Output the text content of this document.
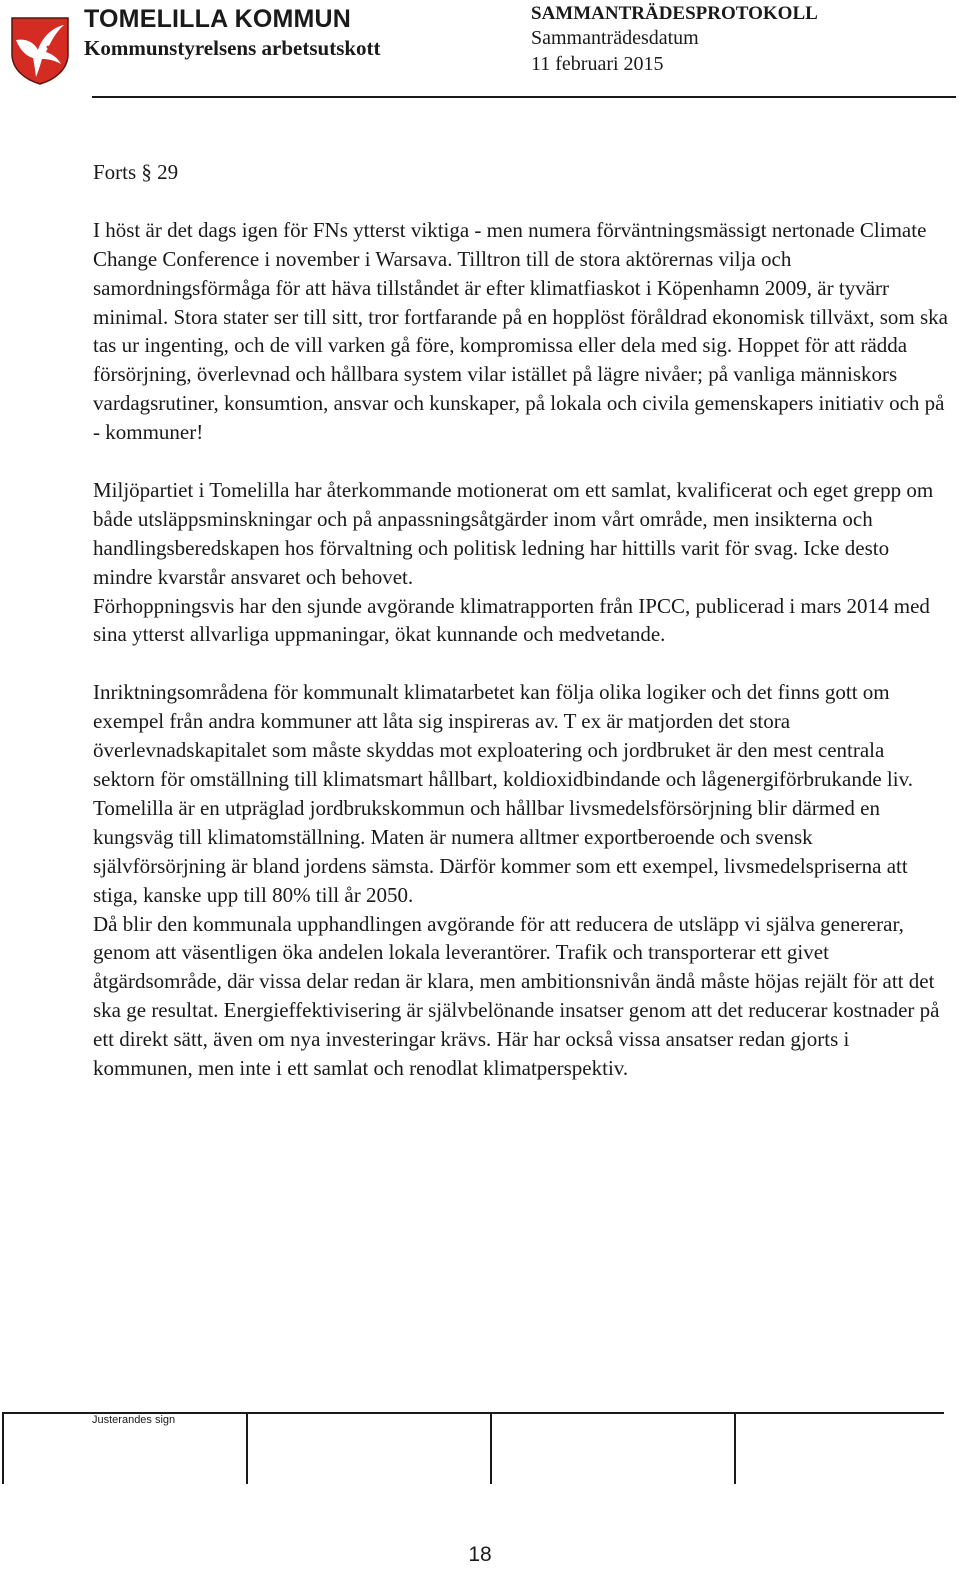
TOMELILLA KOMMUN
Kommunstyrelsens arbetsutskott
SAMMANTRÄDESPROTOKOLL
Sammanträdesdatum
11 februari 2015

Forts § 29

I höst är det dags igen för FNs ytterst viktiga - men numera förväntningsmässigt nertonade Climate Change Conference i november i Warsava. Tilltron till de stora aktörernas vilja och samordningsförmåga för att häva tillståndet är efter klimatfiaskot i Köpenhamn 2009, är tyvärr minimal. Stora stater ser till sitt, tror fortfarande på en hopplöst föråldrad ekonomisk tillväxt, som ska tas ur ingenting, och de vill varken gå före, kompromissa eller dela med sig. Hoppet för att rädda försörjning, överlevnad och hållbara system vilar istället på lägre nivåer; på vanliga människors vardagsrutiner, konsumtion, ansvar och kunskaper, på lokala och civila gemenskapers initiativ och på - kommuner!

Miljöpartiet i Tomelilla har återkommande motionerat om ett samlat, kvalificerat och eget grepp om både utsläppsminskningar och på anpassningsåtgärder inom vårt område, men insikterna och handlingsberedskapen hos förvaltning och politisk ledning har hittills varit för svag. Icke desto mindre kvarstår ansvaret och behovet.

Förhoppningsvis har den sjunde avgörande klimatrapporten från IPCC, publicerad i mars 2014 med sina ytterst allvarliga uppmaningar, ökat kunnande och medvetande.

Inriktningsområdena för kommunalt klimatarbetet kan följa olika logiker och det finns gott om exempel från andra kommuner att låta sig inspireras av. T ex är matjorden det stora överlevnadskapitalet som måste skyddas mot exploatering och jordbruket är den mest centrala sektorn för omställning till klimatsmart hållbart, koldioxidbindande och lågenergiförbrukande liv. Tomelilla är en utpräglad jordbrukskommun och hållbar livsmedelsförsörjning blir därmed en kungsväg till klimatomställning. Maten är numera alltmer exportberoende och svensk självförsörjning är bland jordens sämsta. Därför kommer som ett exempel, livsmedelspriserna att stiga, kanske upp till 80% till år 2050.

Då blir den kommunala upphandlingen avgörande för att reducera de utsläpp vi själva genererar, genom att väsentligen öka andelen lokala leverantörer. Trafik och transporterar ett givet åtgärdsområde, där vissa delar redan är klara, men ambitionsnivån ändå måste höjas rejält för att det ska ge resultat. Energieffektivisering är självbelönande insatser genom att det reducerar kostnader på ett direkt sätt, även om nya investeringar krävs. Här har också vissa ansatser redan gjorts i kommunen, men inte i ett samlat och renodlat klimatperspektiv.

Justerandes sign
18
